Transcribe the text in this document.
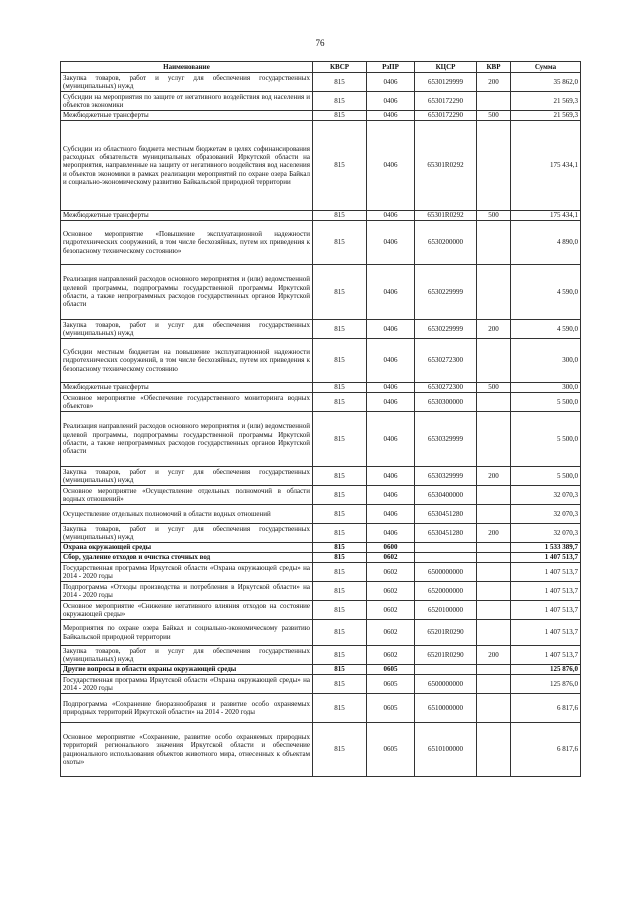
76
Наименование	КВСР	РзПР	КЦСР	КВР	Сумма
Закупка товаров, работ и услуг для обеспечения государственных (муниципальных) нужд	815	0406	6530129999	200	35 862,0
Субсидии на мероприятия по защите от негативного воздействия вод населения и объектов экономики	815	0406	6530172290		21 569,3
Межбюджетные трансферты	815	0406	6530172290	500	21 569,3
Субсидии из областного бюджета местным бюджетам в целях софинансирования расходных обязательств муниципальных образований Иркутской области на мероприятия, направленные на защиту от негативного воздействия вод населения и объектов экономики в рамках реализации мероприятий по охране озера Байкал и социально-экономическому развитию Байкальской природной территории	815	0406	65301R0292		175 434,1
Межбюджетные трансферты	815	0406	65301R0292	500	175 434,1
Основное мероприятие «Повышение эксплуатационной надежности гидротехнических сооружений, в том числе бесхозяйных, путем их приведения к безопасному техническому состоянию»	815	0406	6530200000		4 890,0
Реализация направлений расходов основного мероприятия и (или) ведомственной целевой программы, подпрограммы государственной программы Иркутской области, а также непрограммных расходов государственных органов Иркутской области	815	0406	6530229999		4 590,0
Закупка товаров, работ и услуг для обеспечения государственных (муниципальных) нужд	815	0406	6530229999	200	4 590,0
Субсидии местным бюджетам на повышение эксплуатационной надежности гидротехнических сооружений, в том числе бесхозяйных, путем их приведения к безопасному техническому состоянию	815	0406	6530272300		300,0
Межбюджетные трансферты	815	0406	6530272300	500	300,0
Основное мероприятие «Обеспечение государственного мониторинга водных объектов»	815	0406	6530300000		5 500,0
Реализация направлений расходов основного мероприятия и (или) ведомственной целевой программы, подпрограммы государственной программы Иркутской области, а также непрограммных расходов государственных органов Иркутской области	815	0406	6530329999		5 500,0
Закупка товаров, работ и услуг для обеспечения государственных (муниципальных) нужд	815	0406	6530329999	200	5 500,0
Основное мероприятие «Осуществление отдельных полномочий в области водных отношений»	815	0406	6530400000		32 070,3
Осуществление отдельных полномочий в области водных отношений	815	0406	6530451280		32 070,3
Закупка товаров, работ и услуг для обеспечения государственных (муниципальных) нужд	815	0406	6530451280	200	32 070,3
Охрана окружающей среды	815	0600			1 533 389,7
Сбор, удаление отходов и очистка сточных вод	815	0602			1 407 513,7
Государственная программа Иркутской области «Охрана окружающей среды» на 2014 - 2020 годы	815	0602	6500000000		1 407 513,7
Подпрограмма «Отходы производства и потребления в Иркутской области» на 2014 - 2020 годы	815	0602	6520000000		1 407 513,7
Основное мероприятие «Снижение негативного влияния отходов на состояние окружающей среды»	815	0602	6520100000		1 407 513,7
Мероприятия по охране озера Байкал и социально-экономическому развитию Байкальской природной территории	815	0602	65201R0290		1 407 513,7
Закупка товаров, работ и услуг для обеспечения государственных (муниципальных) нужд	815	0602	65201R0290	200	1 407 513,7
Другие вопросы в области охраны окружающей среды	815	0605			125 876,0
Государственная программа Иркутской области «Охрана окружающей среды» на 2014 - 2020 годы	815	0605	6500000000		125 876,0
Подпрограмма «Сохранение биоразнообразия и развитие особо охраняемых природных территорий Иркутской области» на 2014 - 2020 годы	815	0605	6510000000		6 817,6
Основное мероприятие «Сохранение, развитие особо охраняемых природных территорий регионального значения Иркутской области и обеспечение рационального использования объектов животного мира, отнесенных к объектам охоты»	815	0605	6510100000		6 817,6
